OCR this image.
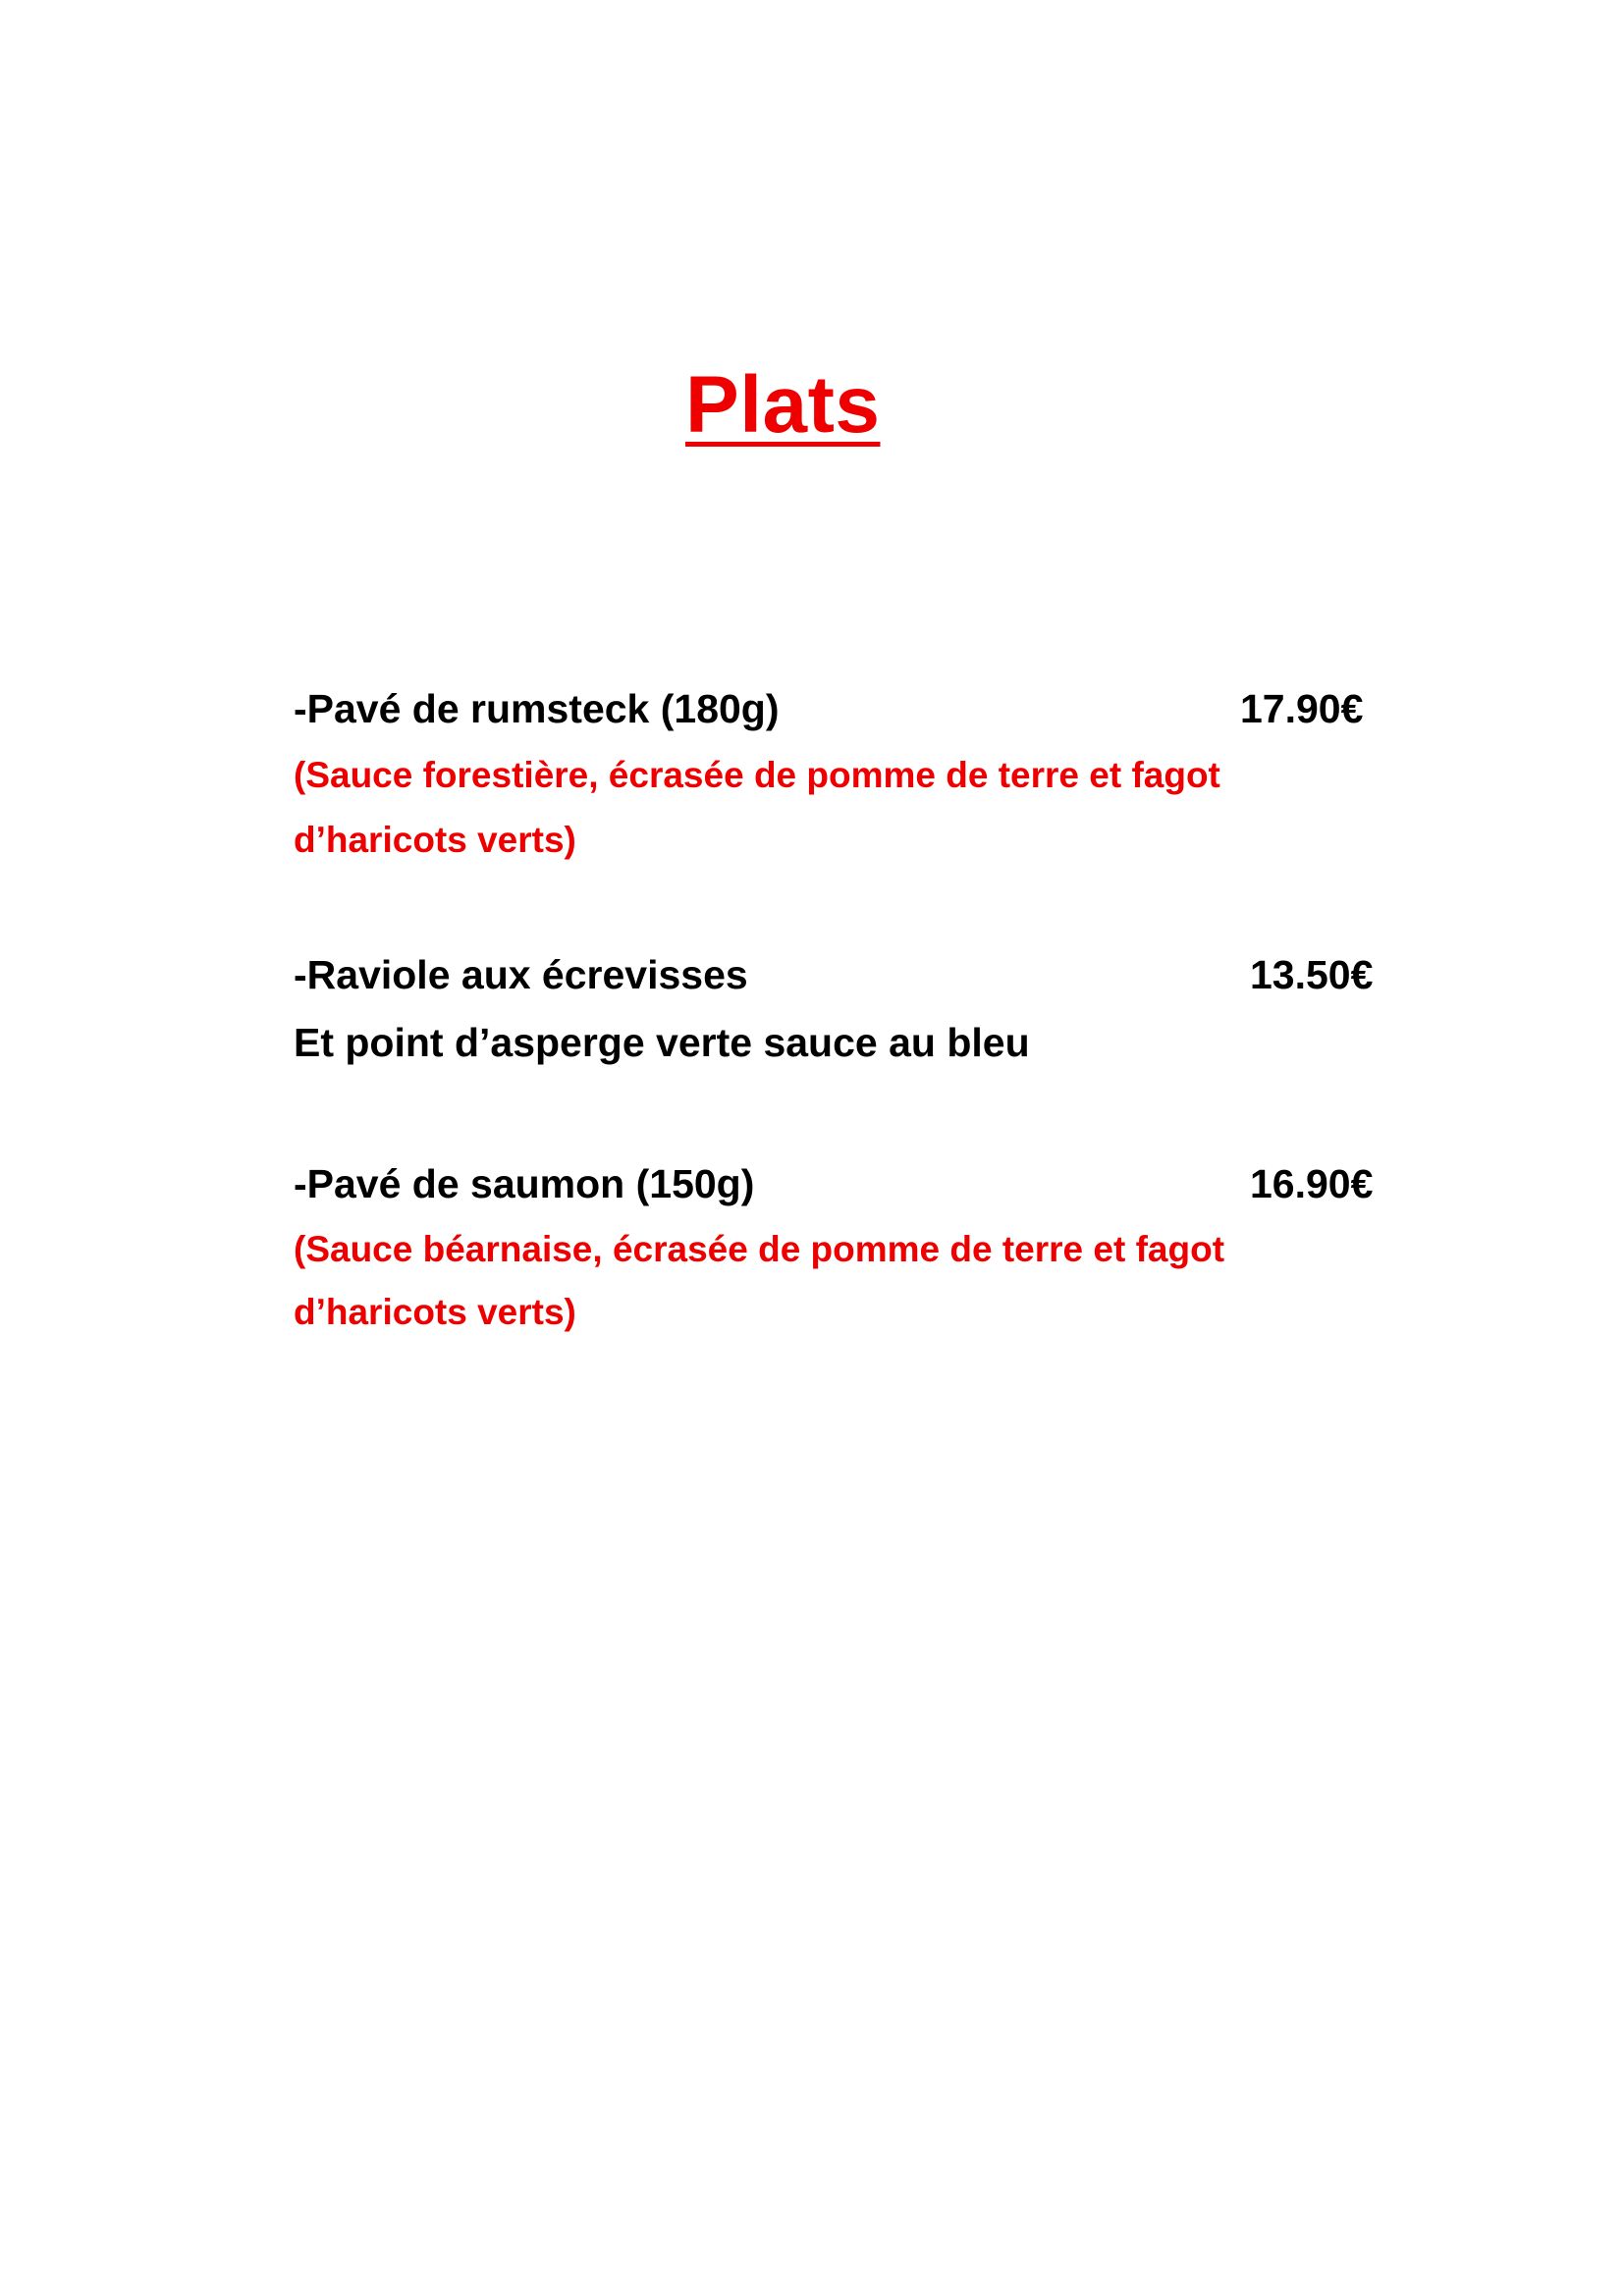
Plats

-Pavé de rumsteck (180g)	17.90€

(Sauce forestière, écrasée de pomme de terre et fagot

d’haricots verts)

-Raviole aux écrevisses	13.50€

Et point d’asperge verte sauce au bleu

-Pavé de saumon (150g)	16.90€

(Sauce béarnaise, écrasée de pomme de terre et fagot

d’haricots verts)
